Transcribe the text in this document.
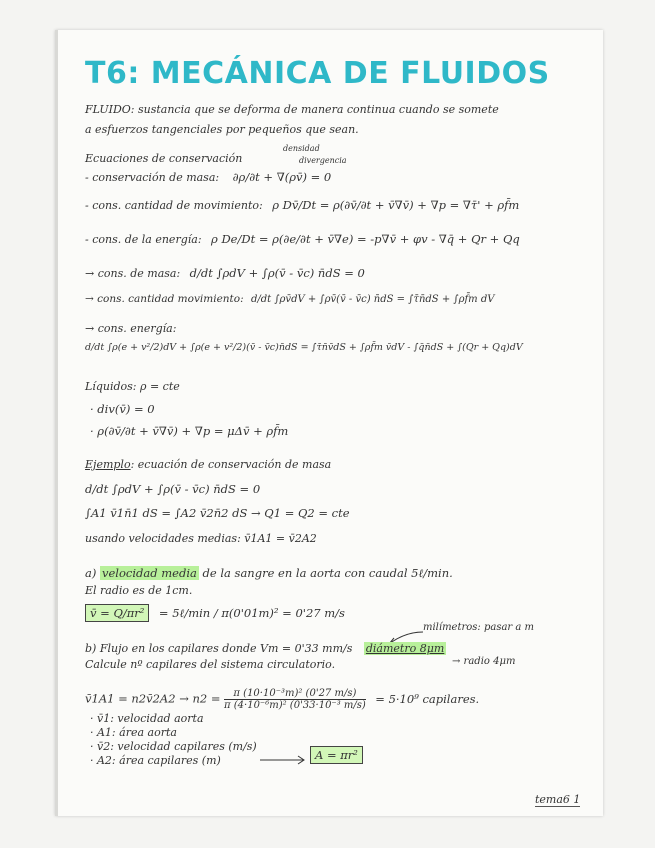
T6: MECÁNICA DE FLUIDOS
FLUIDO: sustancia que se deforma de manera continua cuando se somete
a esfuerzos tangenciales por pequeños que sean.
Ecuaciones de conservación
densidad
divergencia
- conservación de masa: ∂ρ/∂t + ∇(ρv̄) = 0
- cons. cantidad de movimiento: ρ Dv̄/Dt = ρ(∂v̄/∂t + v̄∇v̄) + ∇p = ∇τ̄' + ρf̄m
- cons. de la energía: ρ De/Dt = ρ(∂e/∂t + v̄∇e) = -p∇v̄ + φv - ∇q̄ + Qr + Qq
→ cons. de masa: d/dt ∫ρdV + ∫ρ(v̄ - v̄c) n̄dS = 0
→ cons. cantidad movimiento: d/dt ∫ρv̄dV + ∫ρv̄(v̄ - v̄c) n̄dS = ∫τ̄n̄dS + ∫ρf̄m dV
→ cons. energía:
d/dt ∫ρ(e + v²/2)dV + ∫ρ(e + v²/2)(v̄ - v̄c)n̄dS = ∫τ̄n̄v̄dS + ∫ρf̄m v̄dV - ∫q̄n̄dS + ∫(Qr + Qq)dV
Líquidos: ρ = cte
· div(v̄) = 0
· ρ(∂v̄/∂t + v̄∇v̄) + ∇p = μΔv̄ + ρf̄m
Ejemplo: ecuación de conservación de masa
d/dt ∫ρdV + ∫ρ(v̄ - v̄c) n̄dS = 0
∫A1 v̄1n̄1 dS = ∫A2 v̄2n̄2 dS → Q1 = Q2 = cte
usando velocidades medias: v̄1A1 = v̄2A2
a) velocidad media de la sangre en la aorta con caudal 5ℓ/min.
El radio es de 1cm.
v̄ = Q/πr² = 5ℓ/min / π(0'01m)² = 0'27 m/s
milímetros: pasar a m
b) Flujo en los capilares donde Vm = 0'33 mm/s diámetro 8μm
Calcule nº capilares del sistema circulatorio.	→ radio 4μm
v̄1A1 = n2v̄2A2 → $n2 = \frac{\text{π (10·10⁻³m)² (0'27 m/s)}}{\text{π (4·10⁻⁶m)² (0'33·10⁻³ m/s)}} = 5\cdot 10^9$ capilares.
· v̄1: velocidad aorta
· A1: área aorta
· v̄2: velocidad capilares (m/s)
· A2: área capilares (m)	A = πr²
tema6 1
